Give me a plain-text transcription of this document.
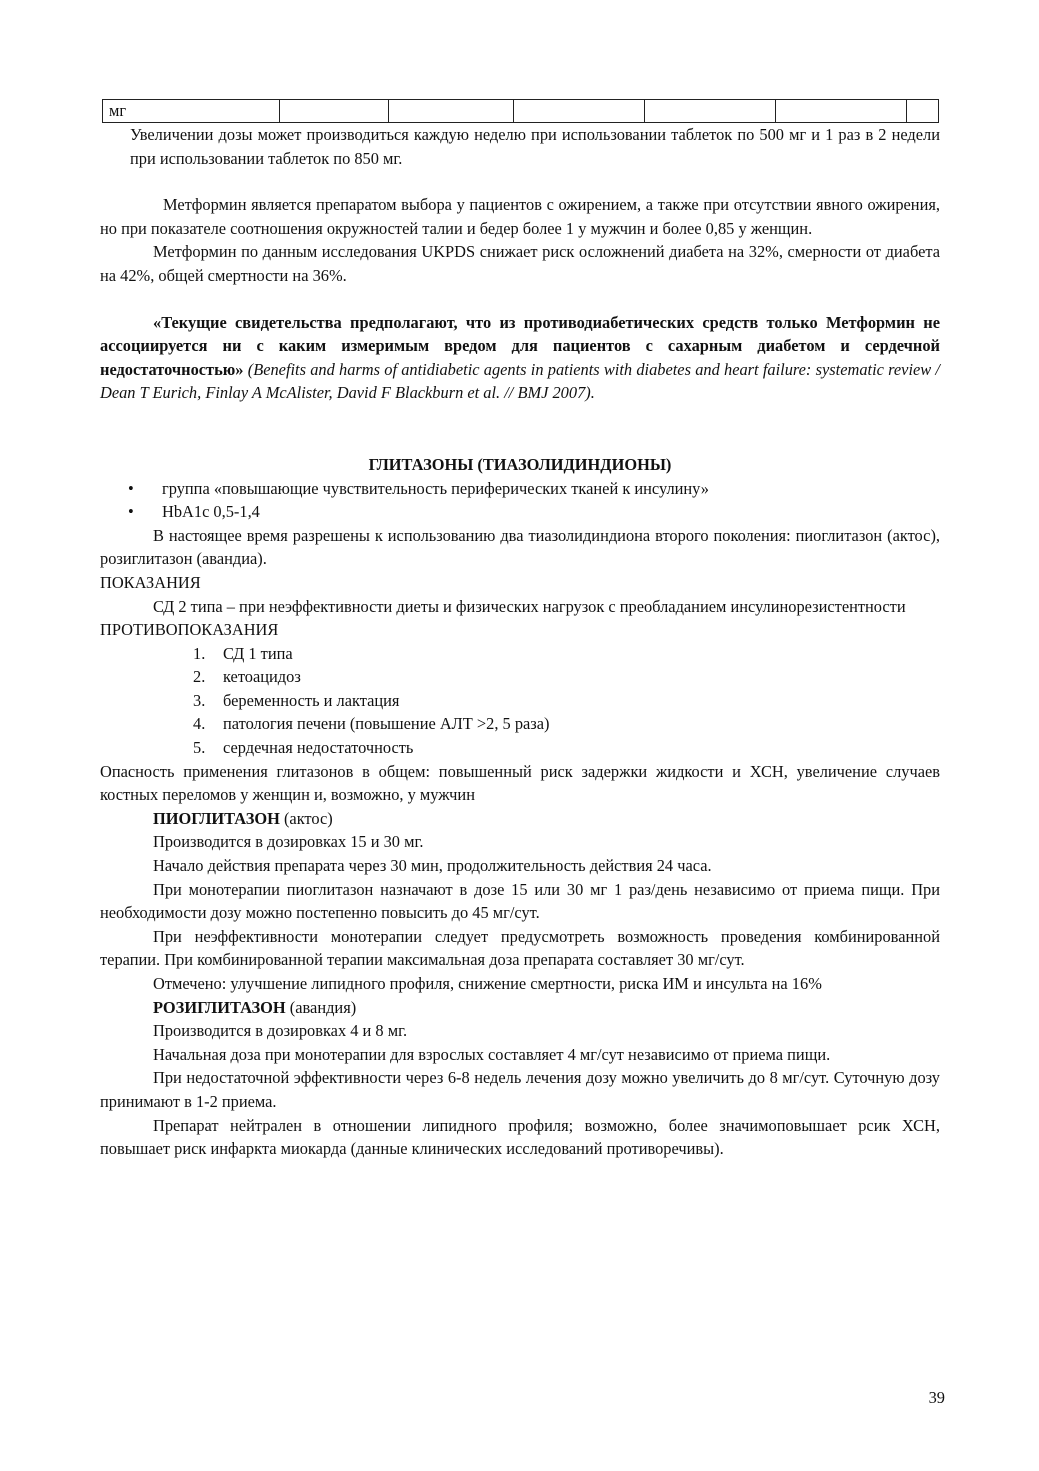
мг						

Увеличении дозы может производиться каждую неделю при использовании таблеток по 500 мг и 1 раз в 2 недели при использовании таблеток по 850 мг.

Метформин является препаратом выбора у пациентов с ожирением, а также при отсутствии явного ожирения, но при показателе соотношения окружностей талии и бедер более 1 у мужчин и более 0,85 у женщин.

Метформин по данным исследования UKPDS снижает риск осложнений диабета на 32%, смерности от диабета на 42%, общей смертности на 36%.

«Текущие свидетельства предполагают, что из противодиабетических средств только Метформин не ассоциируется ни с каким измеримым вредом для пациентов с сахарным диабетом и сердечной недостаточностью» (Benefits and harms of antidiabetic agents in patients with diabetes and heart failure: systematic review / Dean T Eurich, Finlay A McAlister, David F Blackburn et al. // BMJ 2007).

ГЛИТАЗОНЫ (ТИАЗОЛИДИНДИОНЫ)
• группа «повышающие чувствительность периферических тканей к инсулину»
• HbA1c 0,5-1,4

В настоящее время разрешены к использованию два тиазолидиндиона второго поколения: пиоглитазон (актос), розиглитазон (авандиа).

ПОКАЗАНИЯ

СД 2 типа – при неэффективности диеты и физических нагрузок с преобладанием инсулинорезистентности

ПРОТИВОПОКАЗАНИЯ

1. СД 1 типа
2. кетоацидоз
3. беременность и лактация
4. патология печени (повышение АЛТ >2, 5 раза)
5. сердечная недостаточность

Опасность применения глитазонов в общем: повышенный риск задержки жидкости и ХСН, увеличение случаев костных переломов у женщин и, возможно, у мужчин

ПИОГЛИТАЗОН (актос)

Производится в дозировках 15 и 30 мг.

Начало действия препарата через 30 мин, продолжительность действия 24 часа.

При монотерапии пиоглитазон назначают в дозе 15 или 30 мг 1 раз/день независимо от приема пищи. При необходимости дозу можно постепенно повысить до 45 мг/сут.

При неэффективности монотерапии следует предусмотреть возможность проведения комбинированной терапии. При комбинированной терапии максимальная доза препарата составляет 30 мг/сут.

Отмечено: улучшение липидного профиля, снижение смертности, риска ИМ и инсульта на 16%

РОЗИГЛИТАЗОН (авандия)

Производится в дозировках 4 и 8 мг.

Начальная доза при монотерапии для взрослых составляет 4 мг/сут независимо от приема пищи.

При недостаточной эффективности через 6-8 недель лечения дозу можно увеличить до 8 мг/сут. Суточную дозу принимают в 1-2 приема.

Препарат нейтрален в отношении липидного профиля; возможно, более значимоповышает рсик ХСН, повышает риск инфаркта миокарда (данные клинических исследований противоречивы).

39
